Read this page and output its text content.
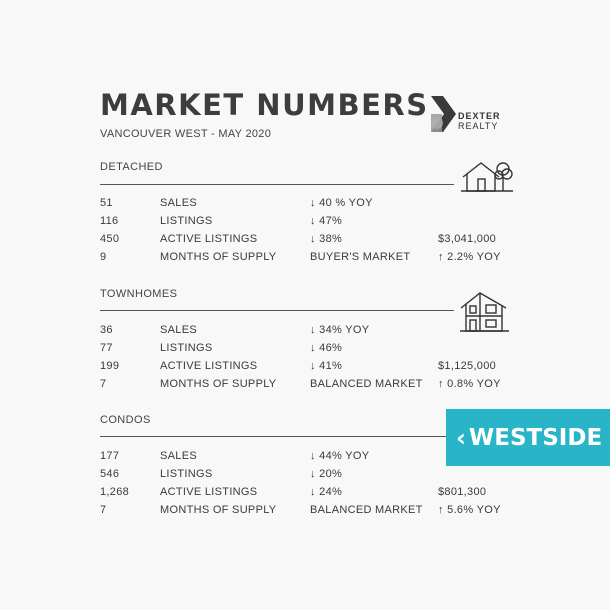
MARKET NUMBERS
VANCOUVER WEST - MAY 2020
DEXTER
REALTY
DETACHED
51	SALES	↓ 40 % YOY
116	LISTINGS	↓ 47%
450	ACTIVE LISTINGS	↓ 38%	$3,041,000
9	MONTHS OF SUPPLY	BUYER'S MARKET	↑ 2.2% YOY
TOWNHOMES
36	SALES	↓ 34% YOY
77	LISTINGS	↓ 46%
199	ACTIVE LISTINGS	↓ 41%	$1,125,000
7	MONTHS OF SUPPLY	BALANCED MARKET ↑ 0.8% YOY
CONDOS
177	SALES	↓ 44% YOY
546	LISTINGS	↓ 20%
1,268	ACTIVE LISTINGS	↓ 24%	$801,300
7	MONTHS OF SUPPLY	BALANCED MARKET ↑ 5.6% YOY
‹ WESTSIDE
